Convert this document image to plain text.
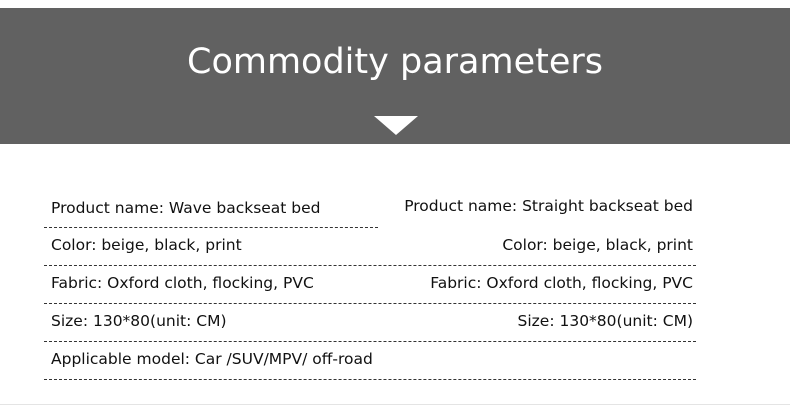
Commodity parameters
Product name: Wave backseat bed	Product name: Straight backseat bed
Color: beige, black, print	Color: beige, black, print
Fabric: Oxford cloth, flocking, PVC	Fabric: Oxford cloth, flocking, PVC
Size: 130*80(unit: CM)	Size: 130*80(unit: CM)
Applicable model: Car /SUV/MPV/ off-road
